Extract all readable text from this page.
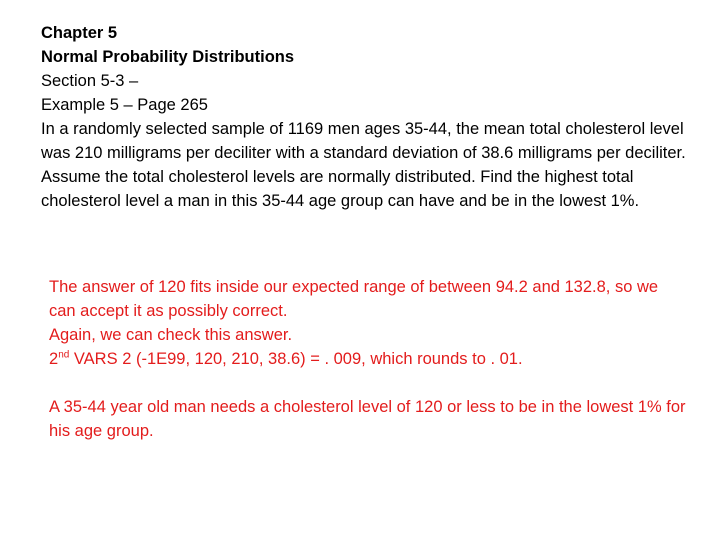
Chapter 5
Normal Probability Distributions
Section 5-3 –
Example 5 – Page 265
In a randomly selected sample of 1169 men ages 35-44, the mean total cholesterol level was 210 milligrams per deciliter with a standard deviation of 38.6 milligrams per deciliter. Assume the total cholesterol levels are normally distributed. Find the highest total cholesterol level a man in this 35-44 age group can have and be in the lowest 1%.
The answer of 120 fits inside our expected range of between 94.2 and 132.8, so we can accept it as possibly correct.
Again, we can check this answer.
2nd VARS 2 (-1E99, 120, 210, 38.6) = . 009, which rounds to . 01.
A 35-44 year old man needs a cholesterol level of 120 or less to be in the lowest 1% for his age group.
